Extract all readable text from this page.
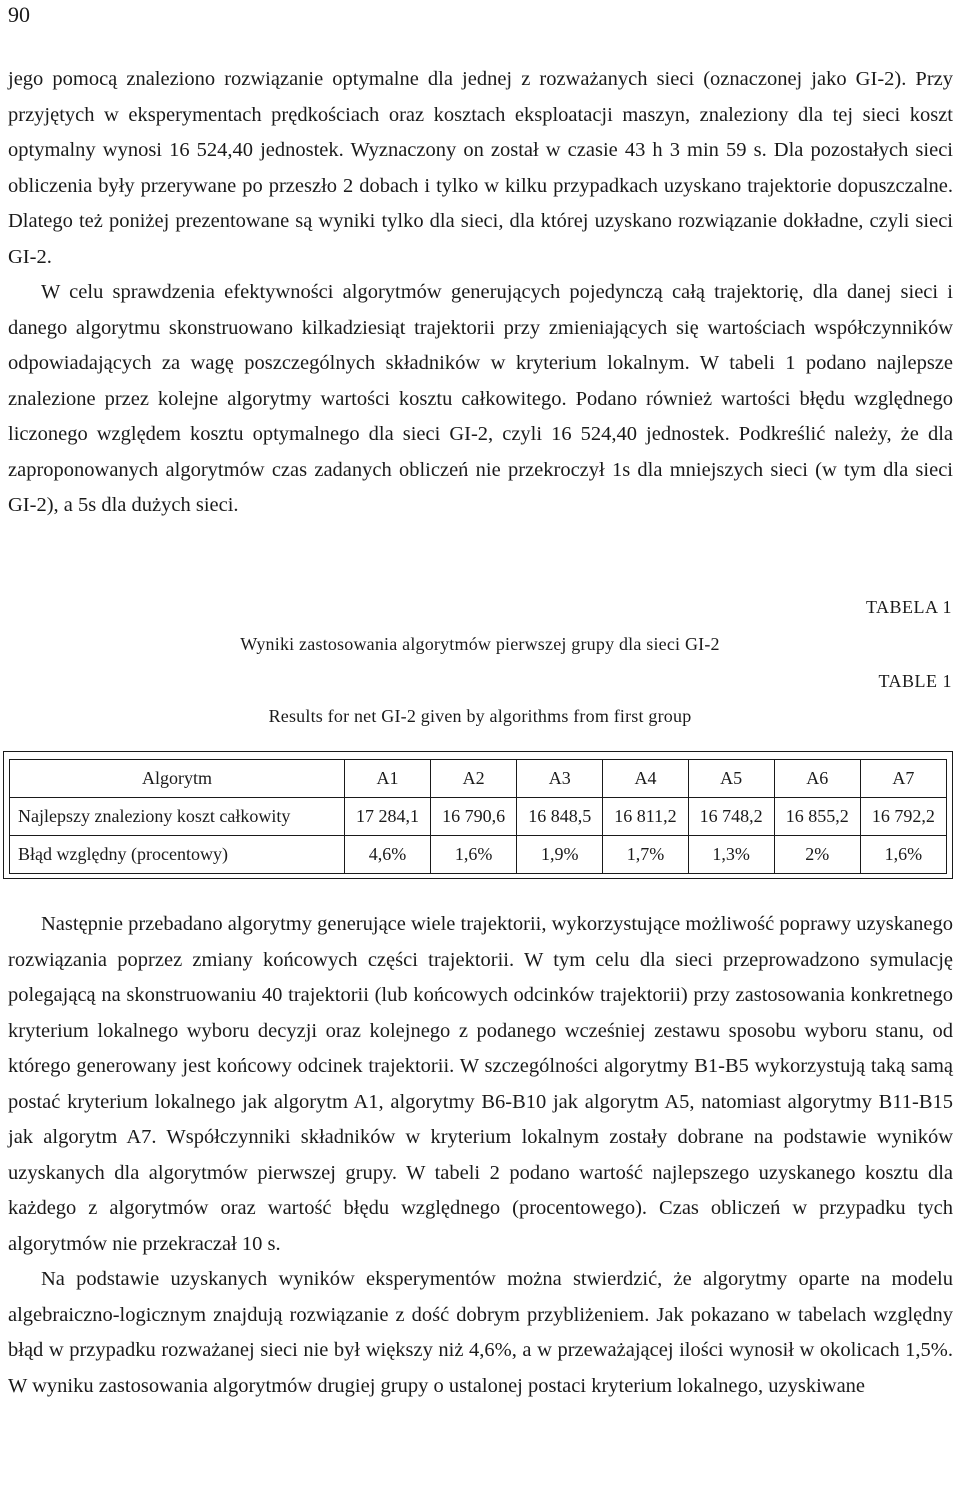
90

jego pomocą znaleziono rozwiązanie optymalne dla jednej z rozważanych sieci (oznaczonej jako GI-2). Przy przyjętych w eksperymentach prędkościach oraz kosztach eksploatacji maszyn, znaleziony dla tej sieci koszt optymalny wynosi 16 524,40 jednostek. Wyznaczony on został w czasie 43 h 3 min 59 s. Dla pozostałych sieci obliczenia były przerywane po przeszło 2 dobach i tylko w kilku przypadkach uzyskano trajektorie dopuszczalne. Dlatego też poniżej prezentowane są wyniki tylko dla sieci, dla której uzyskano rozwiązanie dokładne, czyli sieci GI-2.

W celu sprawdzenia efektywności algorytmów generujących pojedynczą całą trajektorię, dla danej sieci i danego algorytmu skonstruowano kilkadziesiąt trajektorii przy zmieniających się wartościach współczynników odpowiadających za wagę poszczególnych składników w kryterium lokalnym. W tabeli 1 podano najlepsze znalezione przez kolejne algorytmy wartości kosztu całkowitego. Podano również wartości błędu względnego liczonego względem kosztu optymalnego dla sieci GI-2, czyli 16 524,40 jednostek. Podkreślić należy, że dla zaproponowanych algorytmów czas zadanych obliczeń nie przekroczył 1s dla mniejszych sieci (w tym dla sieci GI-2), a 5s dla dużych sieci.

TABELA 1
Wyniki zastosowania algorytmów pierwszej grupy dla sieci GI-2
TABLE 1
Results for net GI-2 given by algorithms from first group
Algorytm	A1	A2	A3	A4	A5	A6	A7
Najlepszy znaleziony koszt całkowity	17 284,1	16 790,6	16 848,5	16 811,2	16 748,2	16 855,2	16 792,2
Błąd względny (procentowy)	4,6%	1,6%	1,9%	1,7%	1,3%	2%	1,6%

Następnie przebadano algorytmy generujące wiele trajektorii, wykorzystujące możliwość poprawy uzyskanego rozwiązania poprzez zmiany końcowych części trajektorii. W tym celu dla sieci przeprowadzono symulację polegającą na skonstruowaniu 40 trajektorii (lub końcowych odcinków trajektorii) przy zastosowania konkretnego kryterium lokalnego wyboru decyzji oraz kolejnego z podanego wcześniej zestawu sposobu wyboru stanu, od którego generowany jest końcowy odcinek trajektorii. W szczególności algorytmy B1-B5 wykorzystują taką samą postać kryterium lokalnego jak algorytm A1, algorytmy B6-B10 jak algorytm A5, natomiast algorytmy B11-B15 jak algorytm A7. Współczynniki składników w kryterium lokalnym zostały dobrane na podstawie wyników uzyskanych dla algorytmów pierwszej grupy. W tabeli 2 podano wartość najlepszego uzyskanego kosztu dla każdego z algorytmów oraz wartość błędu względnego (procentowego). Czas obliczeń w przypadku tych algorytmów nie przekraczał 10 s.

Na podstawie uzyskanych wyników eksperymentów można stwierdzić, że algorytmy oparte na modelu algebraiczno-logicznym znajdują rozwiązanie z dość dobrym przybliżeniem. Jak pokazano w tabelach względny błąd w przypadku rozważanej sieci nie był większy niż 4,6%, a w przeważającej ilości wynosił w okolicach 1,5%. W wyniku zastosowania algorytmów drugiej grupy o ustalonej postaci kryterium lokalnego, uzyskiwane
